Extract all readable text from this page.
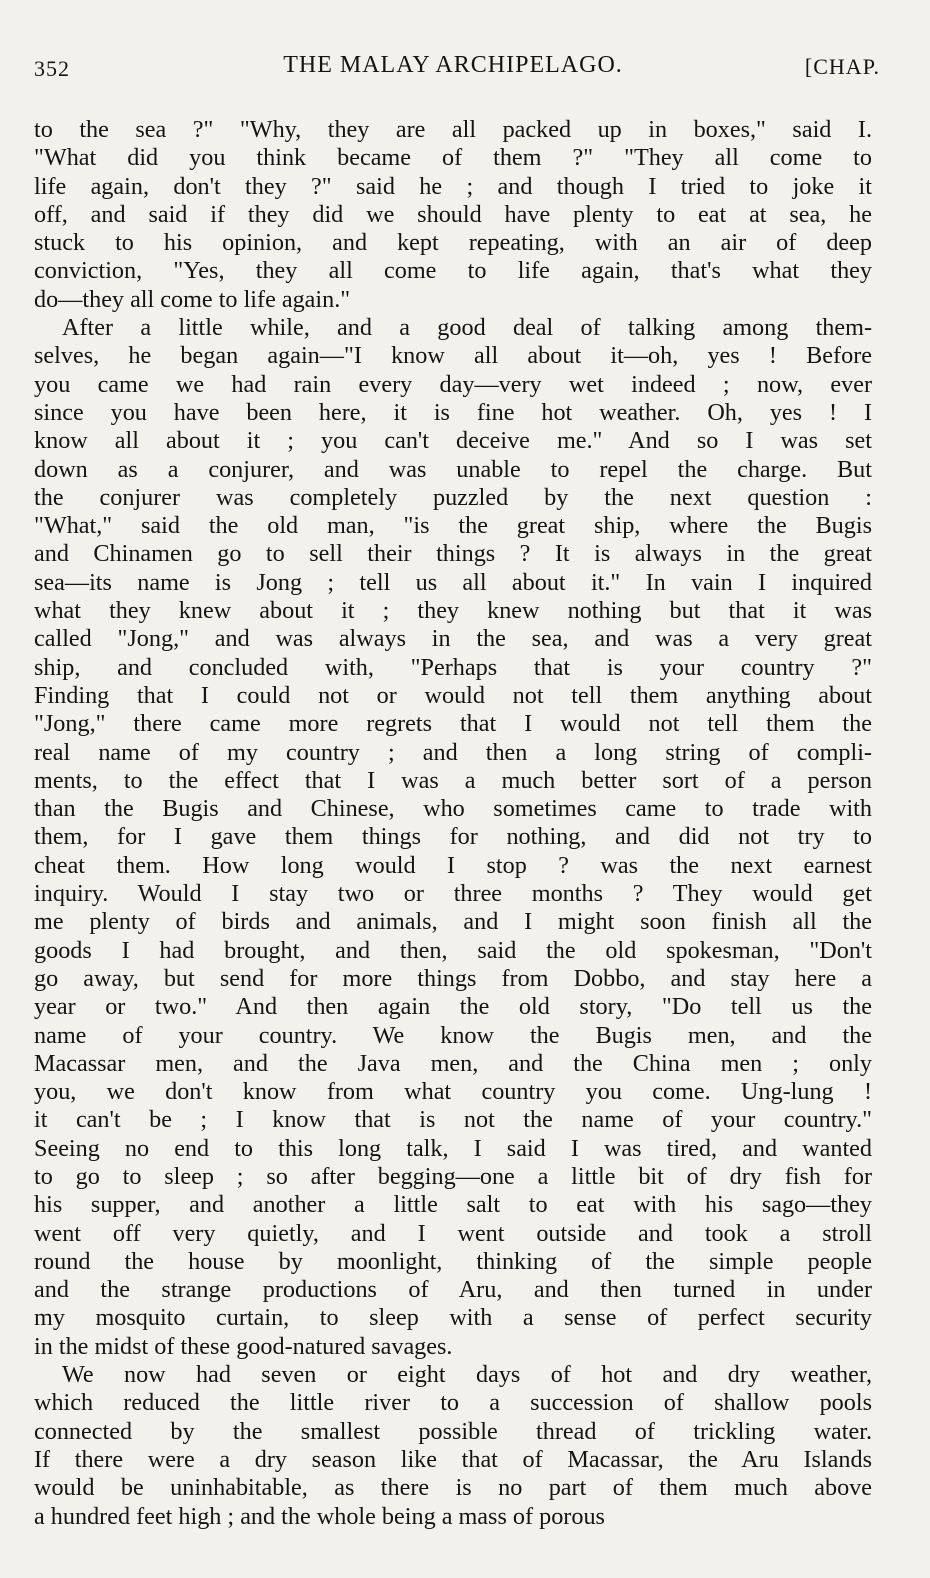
352	THE MALAY ARCHIPELAGO.	[CHAP.
to the sea ?" "Why, they are all packed up in boxes," said I.
"What did you think became of them ?" "They all come to
life again, don't they ?" said he ; and though I tried to joke it
off, and said if they did we should have plenty to eat at sea, he
stuck to his opinion, and kept repeating, with an air of deep
conviction, "Yes, they all come to life again, that's what they
do—they all come to life again."
After a little while, and a good deal of talking among them-
selves, he began again—"I know all about it—oh, yes ! Before
you came we had rain every day—very wet indeed ; now, ever
since you have been here, it is fine hot weather. Oh, yes ! I
know all about it ; you can't deceive me." And so I was set
down as a conjurer, and was unable to repel the charge. But
the conjurer was completely puzzled by the next question :
"What," said the old man, "is the great ship, where the Bugis
and Chinamen go to sell their things ? It is always in the great
sea—its name is Jong ; tell us all about it." In vain I inquired
what they knew about it ; they knew nothing but that it was
called "Jong," and was always in the sea, and was a very great
ship, and concluded with, "Perhaps that is your country ?"
Finding that I could not or would not tell them anything about
"Jong," there came more regrets that I would not tell them the
real name of my country ; and then a long string of compli-
ments, to the effect that I was a much better sort of a person
than the Bugis and Chinese, who sometimes came to trade with
them, for I gave them things for nothing, and did not try to
cheat them. How long would I stop ? was the next earnest
inquiry. Would I stay two or three months ? They would get
me plenty of birds and animals, and I might soon finish all the
goods I had brought, and then, said the old spokesman, "Don't
go away, but send for more things from Dobbo, and stay here a
year or two." And then again the old story, "Do tell us the
name of your country. We know the Bugis men, and the
Macassar men, and the Java men, and the China men ; only
you, we don't know from what country you come. Ung-lung !
it can't be ; I know that is not the name of your country."
Seeing no end to this long talk, I said I was tired, and wanted
to go to sleep ; so after begging—one a little bit of dry fish for
his supper, and another a little salt to eat with his sago—they
went off very quietly, and I went outside and took a stroll
round the house by moonlight, thinking of the simple people
and the strange productions of Aru, and then turned in under
my mosquito curtain, to sleep with a sense of perfect security
in the midst of these good-natured savages.
We now had seven or eight days of hot and dry weather,
which reduced the little river to a succession of shallow pools
connected by the smallest possible thread of trickling water.
If there were a dry season like that of Macassar, the Aru Islands
would be uninhabitable, as there is no part of them much above
a hundred feet high ; and the whole being a mass of porous
